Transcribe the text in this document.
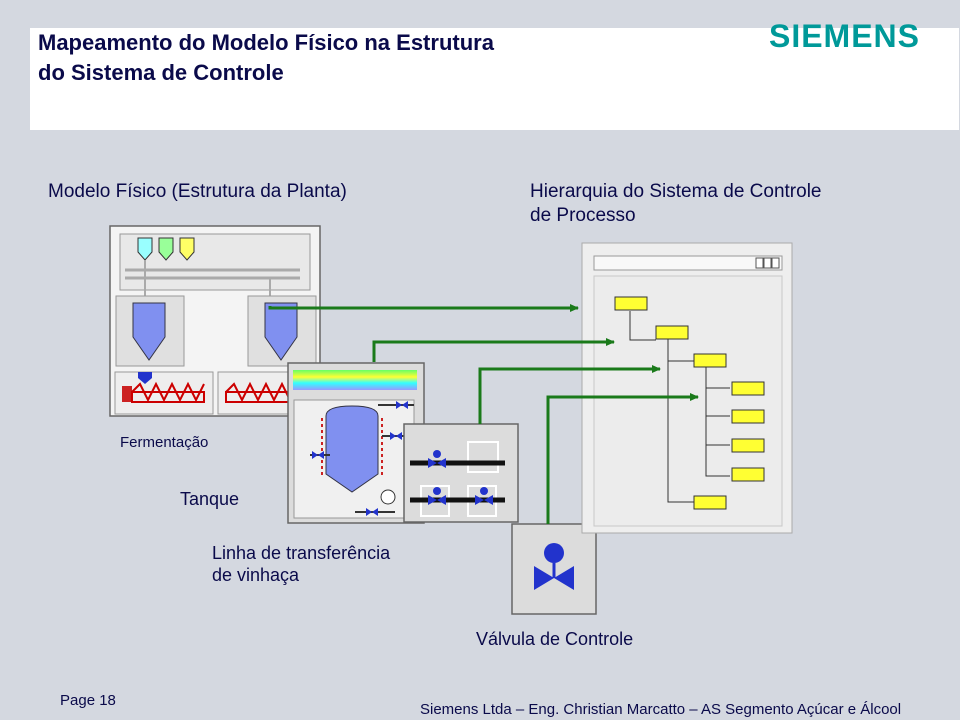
Mapeamento do Modelo Físico na Estrutura
do Sistema de Controle
SIEMENS
Modelo Físico (Estrutura da Planta)	Hierarquia do Sistema de Controle
de Processo
Fermentação
Tanque
Linha de transferência
de vinhaça
Válvula de Controle
Page 18
Siemens Ltda – Eng. Christian Marcatto – AS Segmento Açúcar e Álcool
